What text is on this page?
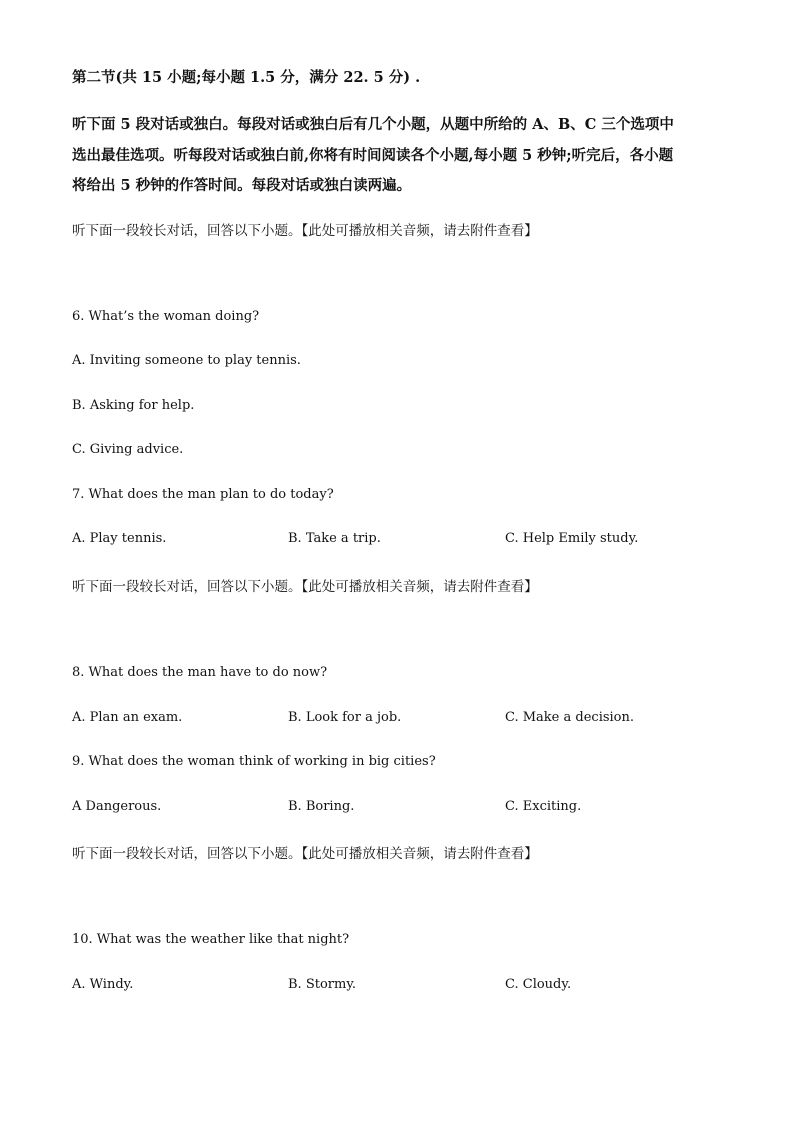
第二节(共 15 小题;每小题 1.5 分，满分 22. 5 分) .
听下面 5 段对话或独白。每段对话或独白后有几个小题，从题中所给的 A、B、C 三个选项中
选出最佳选项。听每段对话或独白前,你将有时间阅读各个小题,每小题 5 秒钟;听完后，各小题
将给出 5 秒钟的作答时间。每段对话或独白读两遍。
听下面一段较长对话，回答以下小题。【此处可播放相关音频，请去附件查看】
6. What’s the woman doing?
A. Inviting someone to play tennis.
B. Asking for help.
C. Giving advice.
7. What does the man plan to do today?
A. Play tennis.	B. Take a trip.	C. Help Emily study.
听下面一段较长对话，回答以下小题。【此处可播放相关音频，请去附件查看】
8. What does the man have to do now?
A. Plan an exam.	B. Look for a job.	C. Make a decision.
9. What does the woman think of working in big cities?
A Dangerous.	B. Boring.	C. Exciting.
听下面一段较长对话，回答以下小题。【此处可播放相关音频，请去附件查看】
10. What was the weather like that night?
A. Windy.	B. Stormy.	C. Cloudy.
